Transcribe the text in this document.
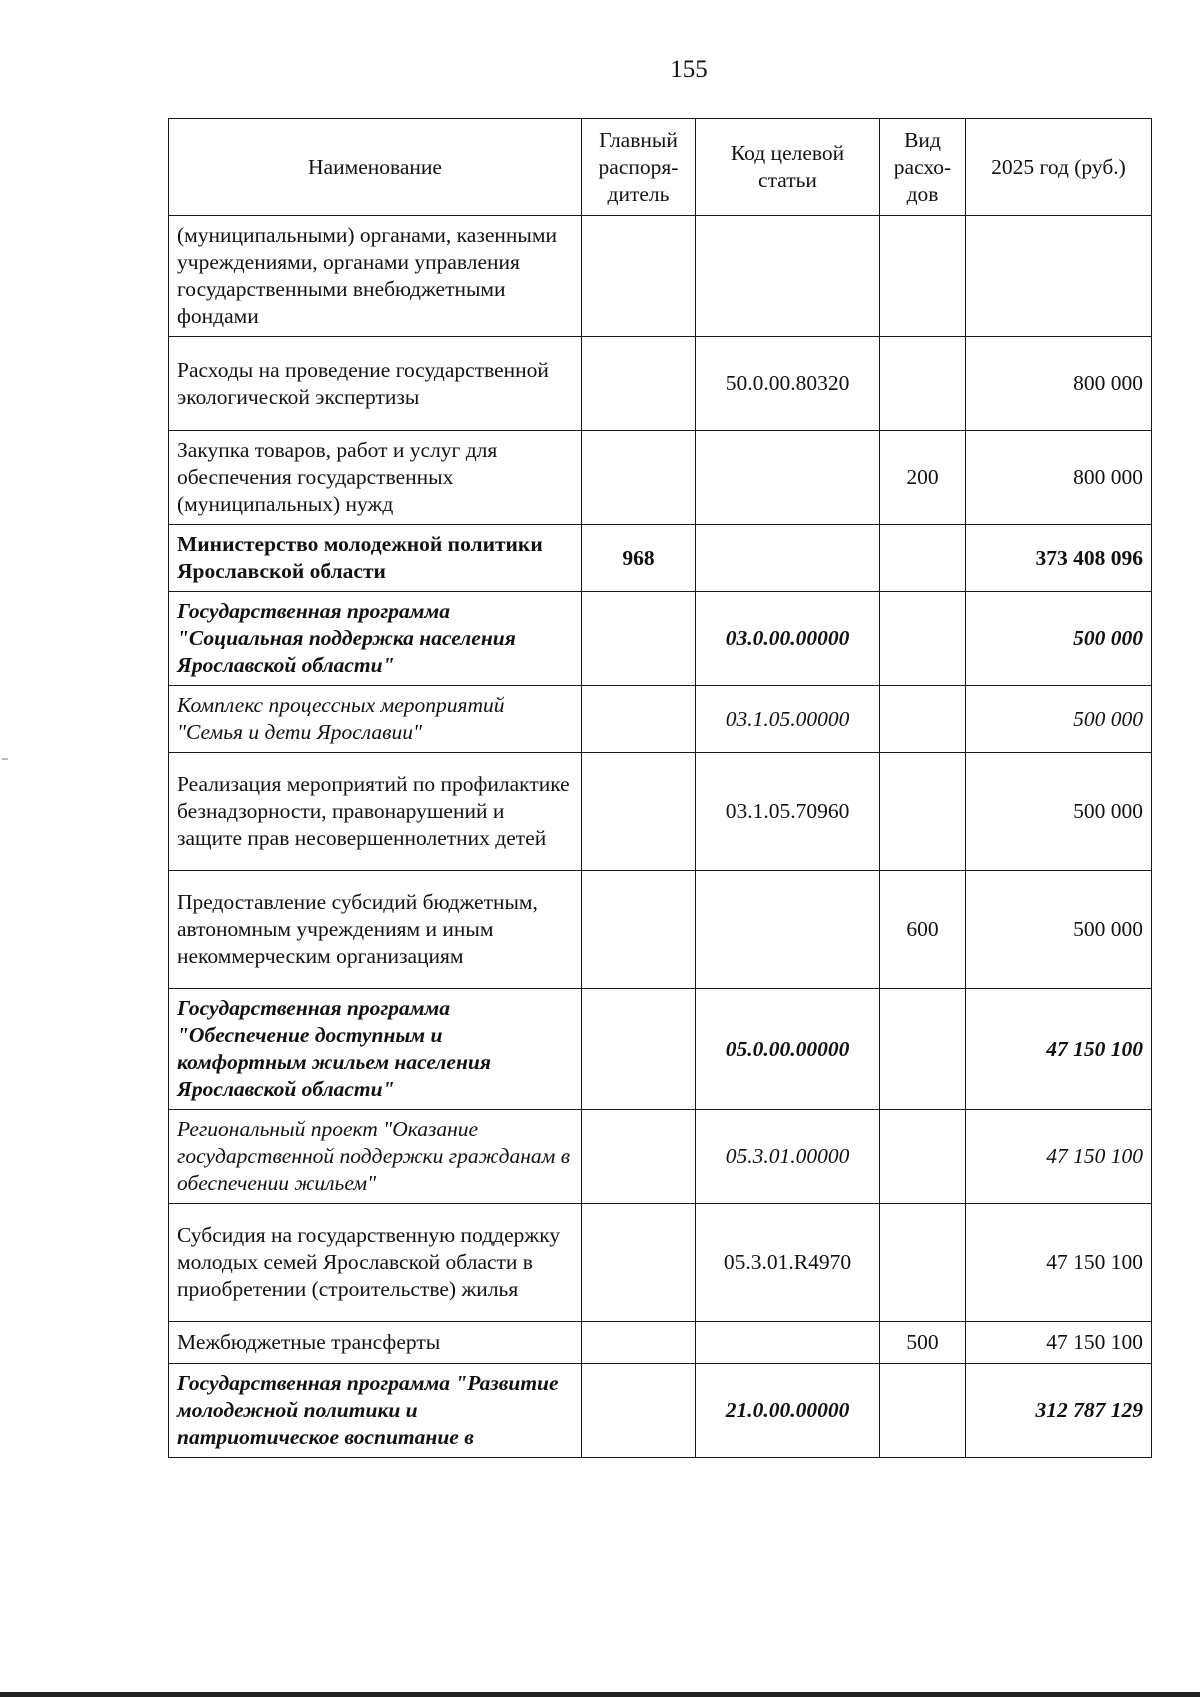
155
Наименование	Главный распоря-дитель	Код целевой статьи	Вид расхо-дов	2025 год (руб.)
(муниципальными) органами, казенными учреждениями, органами управления государственными внебюджетными фондами				
Расходы на проведение государственной экологической экспертизы		50.0.00.80320		800 000
Закупка товаров, работ и услуг для обеспечения государственных (муниципальных) нужд			200	800 000
Министерство молодежной политики Ярославской области	968			373 408 096
Государственная программа "Социальная поддержка населения Ярославской области"		03.0.00.00000		500 000
Комплекс процессных мероприятий "Семья и дети Ярославии"		03.1.05.00000		500 000
Реализация мероприятий по профилактике безнадзорности, правонарушений и защите прав несовершеннолетних детей		03.1.05.70960		500 000
Предоставление субсидий бюджетным, автономным учреждениям и иным некоммерческим организациям			600	500 000
Государственная программа "Обеспечение доступным и комфортным жильем населения Ярославской области"		05.0.00.00000		47 150 100
Региональный проект "Оказание государственной поддержки гражданам в обеспечении жильем"		05.3.01.00000		47 150 100
Субсидия на государственную поддержку молодых семей Ярославской области в приобретении (строительстве) жилья		05.3.01.R4970		47 150 100
Межбюджетные трансферты			500	47 150 100
Государственная программа "Развитие молодежной политики и патриотическое воспитание в		21.0.00.00000		312 787 129
